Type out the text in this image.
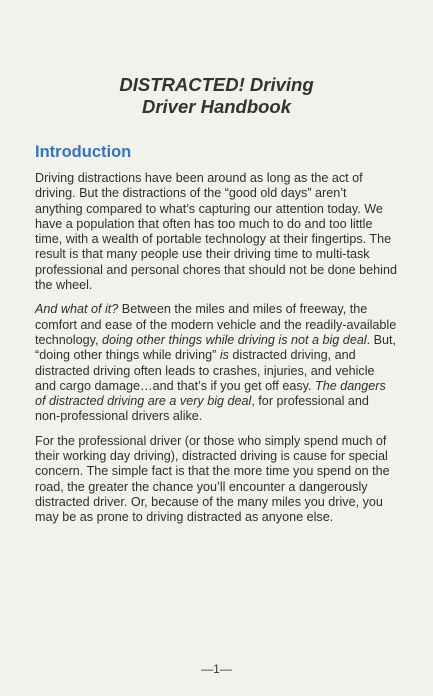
DISTRACTED! Driving
Driver Handbook
Introduction

Driving distractions have been around as long as the act of driving. But the distractions of the “good old days” aren’t anything compared to what’s capturing our attention today. We have a population that often has too much to do and too little time, with a wealth of portable technology at their fingertips. The result is that many people use their driving time to multi-task professional and personal chores that should not be done behind the wheel.

And what of it? Between the miles and miles of freeway, the comfort and ease of the modern vehicle and the readily-available technology, doing other things while driving is not a big deal. But, “doing other things while driving” is distracted driving, and distracted driving often leads to crashes, injuries, and vehicle and cargo damage…and that’s if you get off easy. The dangers of distracted driving are a very big deal, for professional and non-professional drivers alike.

For the professional driver (or those who simply spend much of their working day driving), distracted driving is cause for special concern. The simple fact is that the more time you spend on the road, the greater the chance you’ll encounter a dangerously distracted driver. Or, because of the many miles you drive, you may be as prone to driving distracted as anyone else.

—1—
